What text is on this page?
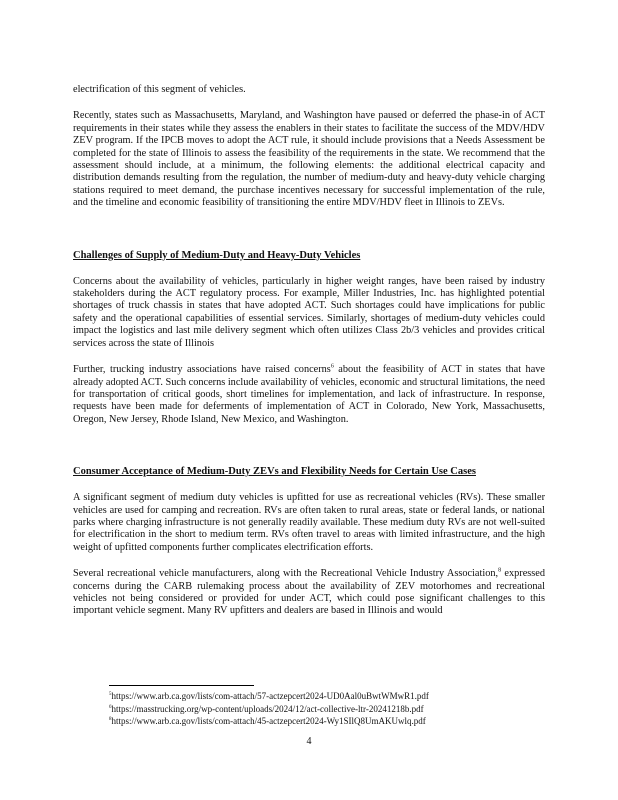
electrification of this segment of vehicles.

Recently, states such as Massachusetts, Maryland, and Washington have paused or deferred the phase-in of ACT requirements in their states while they assess the enablers in their states to facilitate the success of the MDV/HDV ZEV program. If the IPCB moves to adopt the ACT rule, it should include provisions that a Needs Assessment be completed for the state of Illinois to assess the feasibility of the requirements in the state. We recommend that the assessment should include, at a minimum, the following elements: the additional electrical capacity and distribution demands resulting from the regulation, the number of medium-duty and heavy-duty vehicle charging stations required to meet demand, the purchase incentives necessary for successful implementation of the rule, and the timeline and economic feasibility of transitioning the entire MDV/HDV fleet in Illinois to ZEVs.

Challenges of Supply of Medium-Duty and Heavy-Duty Vehicles

Concerns about the availability of vehicles, particularly in higher weight ranges, have been raised by industry stakeholders during the ACT regulatory process. For example, Miller Industries, Inc. has highlighted potential shortages of truck chassis in states that have adopted ACT. Such shortages could have implications for public safety and the operational capabilities of essential services. Similarly, shortages of medium-duty vehicles could impact the logistics and last mile delivery segment which often utilizes Class 2b/3 vehicles and provides critical services across the state of Illinois

Further, trucking industry associations have raised concerns$^6$ about the feasibility of ACT in states that have already adopted ACT. Such concerns include availability of vehicles, economic and structural limitations, the need for transportation of critical goods, short timelines for implementation, and lack of infrastructure. In response, requests have been made for deferments of implementation of ACT in Colorado, New York, Massachusetts, Oregon, New Jersey, Rhode Island, New Mexico, and Washington.

Consumer Acceptance of Medium-Duty ZEVs and Flexibility Needs for Certain Use Cases

A significant segment of medium duty vehicles is upfitted for use as recreational vehicles (RVs). These smaller vehicles are used for camping and recreation. RVs are often taken to rural areas, state or federal lands, or national parks where charging infrastructure is not generally readily available. These medium duty RVs are not well-suited for electrification in the short to medium term. RVs often travel to areas with limited infrastructure, and the high weight of upfitted components further complicates electrification efforts.

Several recreational vehicle manufacturers, along with the Recreational Vehicle Industry Association,$^8$ expressed concerns during the CARB rulemaking process about the availability of ZEV motorhomes and recreational vehicles not being considered or provided for under ACT, which could pose significant challenges to this important vehicle segment. Many RV upfitters and dealers are based in Illinois and would

$^5$https://www.arb.ca.gov/lists/com-attach/57-actzepcert2024-UD0Aal0uBwtWMwR1.pdf
$^6$https://masstrucking.org/wp-content/uploads/2024/12/act-collective-ltr-20241218b.pdf
$^8$https://www.arb.ca.gov/lists/com-attach/45-actzepcert2024-Wy1SIlQ8UmAKUwlq.pdf
4
